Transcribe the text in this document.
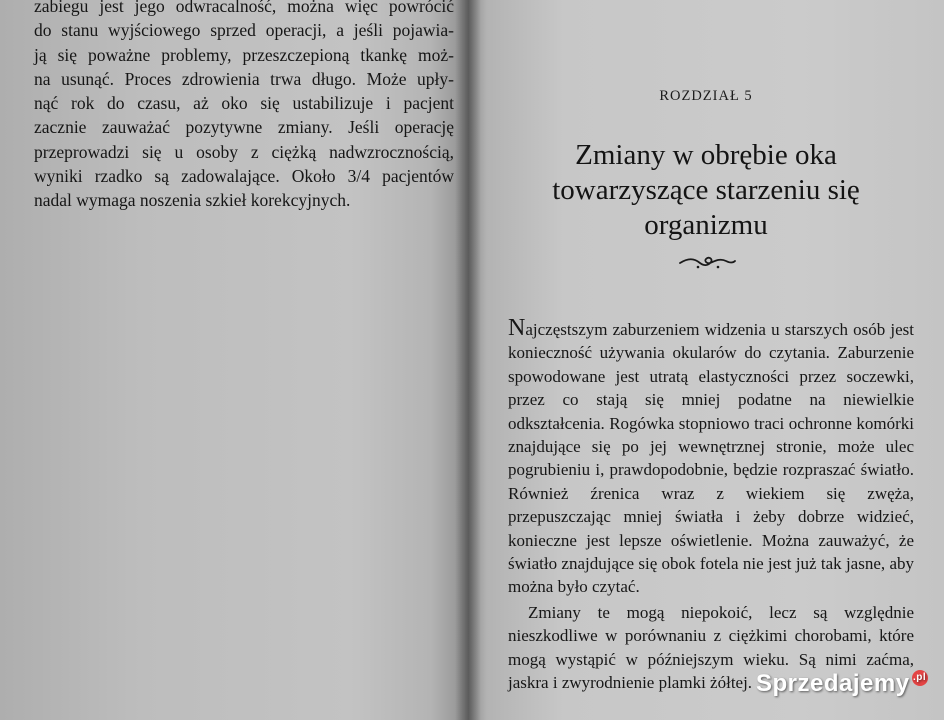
zabiegu jest jego odwracalność, można więc powrócić
do stanu wyjściowego sprzed operacji, a jeśli pojawia-
ją się poważne problemy, przeszczepioną tkankę moż-
na usunąć. Proces zdrowienia trwa długo. Może upły-
nąć rok do czasu, aż oko się ustabilizuje i pacjent
zacznie zauważać pozytywne zmiany. Jeśli operację
przeprowadzi się u osoby z ciężką nadwzrocznością,
wyniki rzadko są zadowalające. Około 3/4 pacjentów
nadal wymaga noszenia szkieł korekcyjnych.
ROZDZIAŁ 5
Zmiany w obrębie oka
towarzyszące starzeniu się
organizmu

Najczęstszym zaburzeniem widzenia u starszych osób jest konieczność używania okularów do czytania. Zaburzenie spowodowane jest utratą elastyczności przez soczewki, przez co stają się mniej podatne na niewielkie odkształcenia. Rogówka stopniowo traci ochronne komórki znajdujące się po jej wewnętrznej stronie, może ulec pogrubieniu i, prawdopodobnie, będzie rozpraszać światło. Również źrenica wraz z wiekiem się zwęża, przepuszczając mniej światła i żeby dobrze widzieć, konieczne jest lepsze oświetlenie. Można zauważyć, że światło znajdujące się obok fotela nie jest już tak jasne, aby można było czytać.

Zmiany te mogą niepokoić, lecz są względnie nieszkodliwe w porównaniu z ciężkimi chorobami, które mogą wystąpić w późniejszym wieku. Są nimi zaćma, jaskra i zwyrodnienie plamki żółtej. Sprzedajemy .pl
